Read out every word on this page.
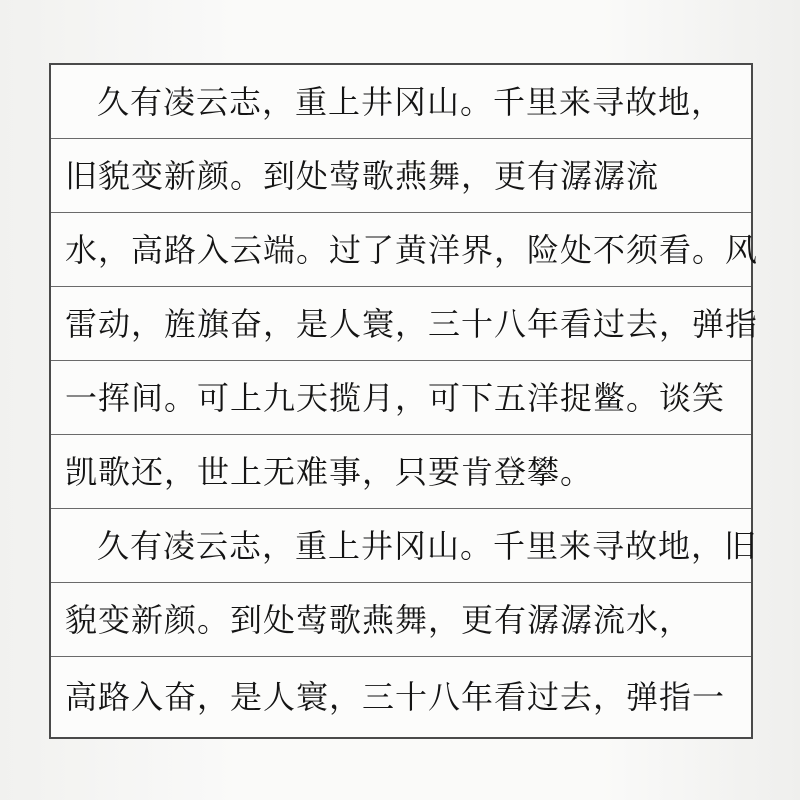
久有凌云志，重上井冈山。千里来寻故地，
旧貌变新颜。到处莺歌燕舞，更有潺潺流
水，高路入云端。过了黄洋界，险处不须看。风
雷动，旌旗奋，是人寰，三十八年看过去，弹指
一挥间。可上九天揽月，可下五洋捉鳖。谈笑
凯歌还，世上无难事，只要肯登攀。
久有凌云志，重上井冈山。千里来寻故地，旧
貌变新颜。到处莺歌燕舞，更有潺潺流水，
高路入奋，是人寰，三十八年看过去，弹指一
